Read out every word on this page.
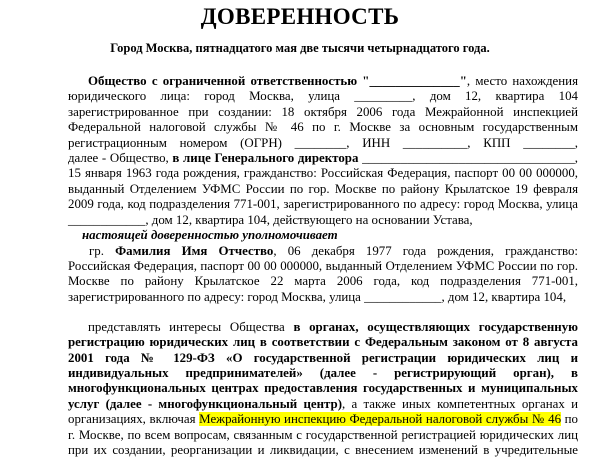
ДОВЕРЕННОСТЬ
Город Москва, пятнадцатого мая две тысячи четырнадцатого года.
Общество с ограниченной ответственностью "______________", место нахождения
юридического лица: город Москва, улица _________, дом 12, квартира 104
зарегистрированное при создании: 18 октября 2006 года Межрайонной инспекцией
Федеральной налоговой службы № 46 по г. Москве за основным государственным
регистрационным номером (ОГРН) ________, ИНН __________, КПП ________,
далее - Общество, в лице Генерального директора _________________________________,
15 января 1963 года рождения, гражданство: Российская Федерация, паспорт 00 00 000000,
выданный Отделением УФМС России по гор. Москве по району Крылатское 19 февраля
2009 года, код подразделения 771-001, зарегистрированного по адресу: город Москва, улица
____________, дом 12, квартира 104, действующего на основании Устава,
настоящей доверенностью уполномочивает
гр. Фамилия Имя Отчество, 06 декабря 1977 года рождения, гражданство:
Российская Федерация, паспорт 00 00 000000, выданный Отделением УФМС России по гор.
Москве по району Крылатское 22 марта 2006 года, код подразделения 771-001,
зарегистрированного по адресу: город Москва, улица ____________, дом 12, квартира 104,
представлять интересы Общества в органах, осуществляющих государственную
регистрацию юридических лиц в соответствии с Федеральным законом от 8 августа
2001 года № 129-ФЗ «О государственной регистрации юридических лиц и
индивидуальных предпринимателей» (далее - регистрирующий орган), в
многофункциональных центрах предоставления государственных и муниципальных
услуг (далее - многофункциональный центр), а также иных компетентных органах и
организациях, включая Межрайонную инспекцию Федеральной налоговой службы № 46 по
г. Москве, по всем вопросам, связанным с государственной регистрацией юридических лиц
при их создании, реорганизации и ликвидации, с внесением изменений в учредительные
